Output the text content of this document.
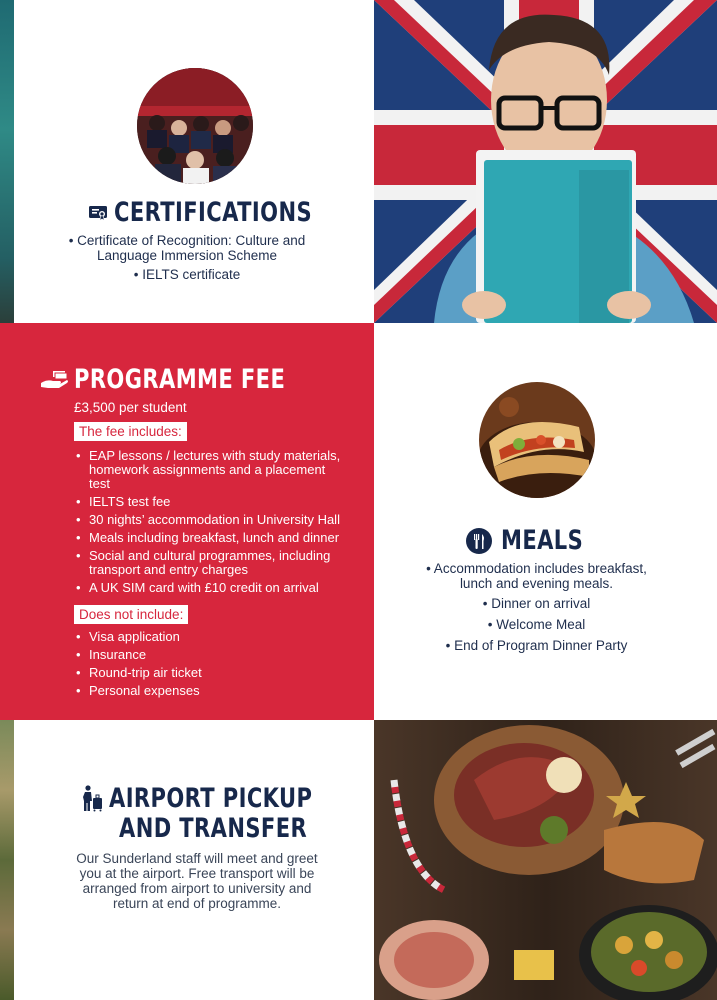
CERTIFICATIONS
• Certificate of Recognition: Culture and Language Immersion Scheme
• IELTS certificate
PROGRAMME FEE
£3,500 per student
The fee includes:
• EAP lessons / lectures with study materials, homework assignments and a placement test
• IELTS test fee
• 30 nights’ accommodation in University Hall
• Meals including breakfast, lunch and dinner
• Social and cultural programmes, including transport and entry charges
• A UK SIM card with £10 credit on arrival
Does not include:
• Visa application
• Insurance
• Round-trip air ticket
• Personal expenses
MEALS
• Accommodation includes breakfast, lunch and evening meals.
• Dinner on arrival
• Welcome Meal
• End of Program Dinner Party
AIRPORT PICKUP
AND TRANSFER
Our Sunderland staff will meet and greet you at the airport. Free transport will be arranged from airport to university and return at end of programme.
